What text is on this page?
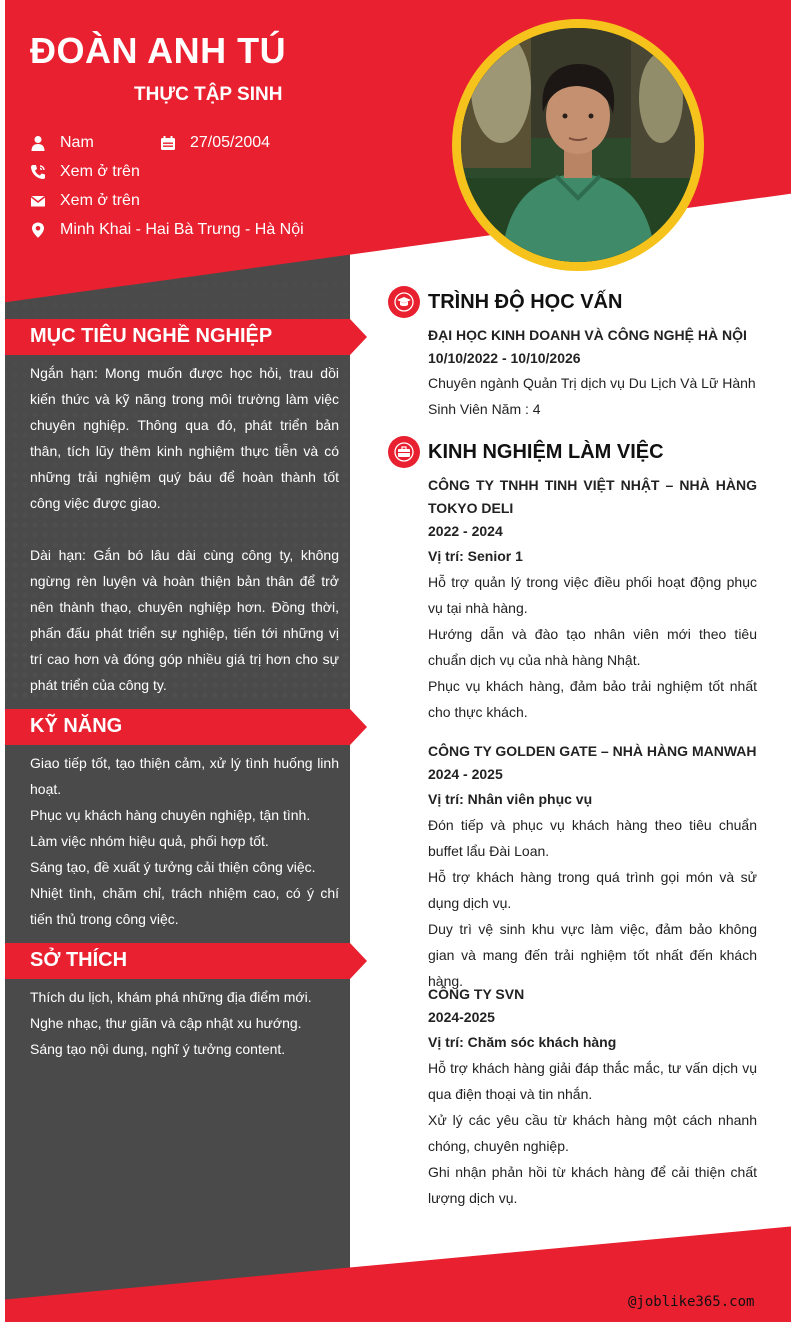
ĐOÀN ANH TÚ
THỰC TẬP SINH
Nam	27/05/2004
Xem ở trên
Xem ở trên
Minh Khai - Hai Bà Trưng - Hà Nội
MỤC TIÊU NGHỀ NGHIỆP

Ngắn hạn: Mong muốn được học hỏi, trau dồi kiến thức và kỹ năng trong môi trường làm việc chuyên nghiệp. Thông qua đó, phát triển bản thân, tích lũy thêm kinh nghiệm thực tiễn và có những trải nghiệm quý báu để hoàn thành tốt công việc được giao.

Dài hạn: Gắn bó lâu dài cùng công ty, không ngừng rèn luyện và hoàn thiện bản thân để trở nên thành thạo, chuyên nghiệp hơn. Đồng thời, phấn đấu phát triển sự nghiệp, tiến tới những vị trí cao hơn và đóng góp nhiều giá trị hơn cho sự phát triển của công ty.

KỸ NĂNG

Giao tiếp tốt, tạo thiện cảm, xử lý tình huống linh hoạt.

Phục vụ khách hàng chuyên nghiệp, tận tình.

Làm việc nhóm hiệu quả, phối hợp tốt.

Sáng tạo, đề xuất ý tưởng cải thiện công việc.

Nhiệt tình, chăm chỉ, trách nhiệm cao, có ý chí tiến thủ trong công việc.

SỞ THÍCH

Thích du lịch, khám phá những địa điểm mới.

Nghe nhạc, thư giãn và cập nhật xu hướng.

Sáng tạo nội dung, nghĩ ý tưởng content.

TRÌNH ĐỘ HỌC VẤN
ĐẠI HỌC KINH DOANH VÀ CÔNG NGHỆ HÀ NỘI
10/10/2022 - 10/10/2026
Chuyên ngành Quản Trị dịch vụ Du Lịch Và Lữ Hành
Sinh Viên Năm : 4
KINH NGHIỆM LÀM VIỆC
CÔNG TY TNHH TINH VIỆT NHẬT – NHÀ HÀNG TOKYO DELI
2022 - 2024
Vị trí: Senior 1
Hỗ trợ quản lý trong việc điều phối hoạt động phục vụ tại nhà hàng.
Hướng dẫn và đào tạo nhân viên mới theo tiêu chuẩn dịch vụ của nhà hàng Nhật.
Phục vụ khách hàng, đảm bảo trải nghiệm tốt nhất cho thực khách.
CÔNG TY GOLDEN GATE – NHÀ HÀNG MANWAH
2024 - 2025
Vị trí: Nhân viên phục vụ
Đón tiếp và phục vụ khách hàng theo tiêu chuẩn buffet lẩu Đài Loan.
Hỗ trợ khách hàng trong quá trình gọi món và sử dụng dịch vụ.
Duy trì vệ sinh khu vực làm việc, đảm bảo không gian và mang đến trải nghiệm tốt nhất đến khách hàng.
CÔNG TY SVN
2024-2025
Vị trí: Chăm sóc khách hàng
Hỗ trợ khách hàng giải đáp thắc mắc, tư vấn dịch vụ qua điện thoại và tin nhắn.
Xử lý các yêu cầu từ khách hàng một cách nhanh chóng, chuyên nghiệp.
Ghi nhận phản hồi từ khách hàng để cải thiện chất lượng dịch vụ.
@joblike365.com
